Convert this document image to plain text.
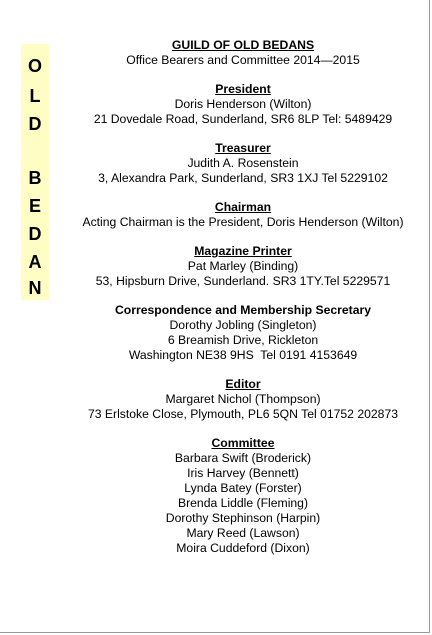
O
L
D
B
E
D
A
N
GUILD OF OLD BEDANS
Office Bearers and Committee 2014—2015
President
Doris Henderson (Wilton)
21 Dovedale Road, Sunderland, SR6 8LP Tel: 5489429
Treasurer
Judith A. Rosenstein
3, Alexandra Park, Sunderland, SR3 1XJ Tel 5229102
Chairman
Acting Chairman is the President, Doris Henderson (Wilton)
Magazine Printer
Pat Marley (Binding)
53, Hipsburn Drive, Sunderland. SR3 1TY.Tel 5229571
Correspondence and Membership Secretary
Dorothy Jobling (Singleton)
6 Breamish Drive, Rickleton
Washington NE38 9HS  Tel 0191 4153649
Editor
Margaret Nichol (Thompson)
73 Erlstoke Close, Plymouth, PL6 5QN Tel 01752 202873
Committee
Barbara Swift (Broderick)
Iris Harvey (Bennett)
Lynda Batey (Forster)
Brenda Liddle (Fleming)
Dorothy Stephinson (Harpin)
Mary Reed (Lawson)
Moira Cuddeford (Dixon)
